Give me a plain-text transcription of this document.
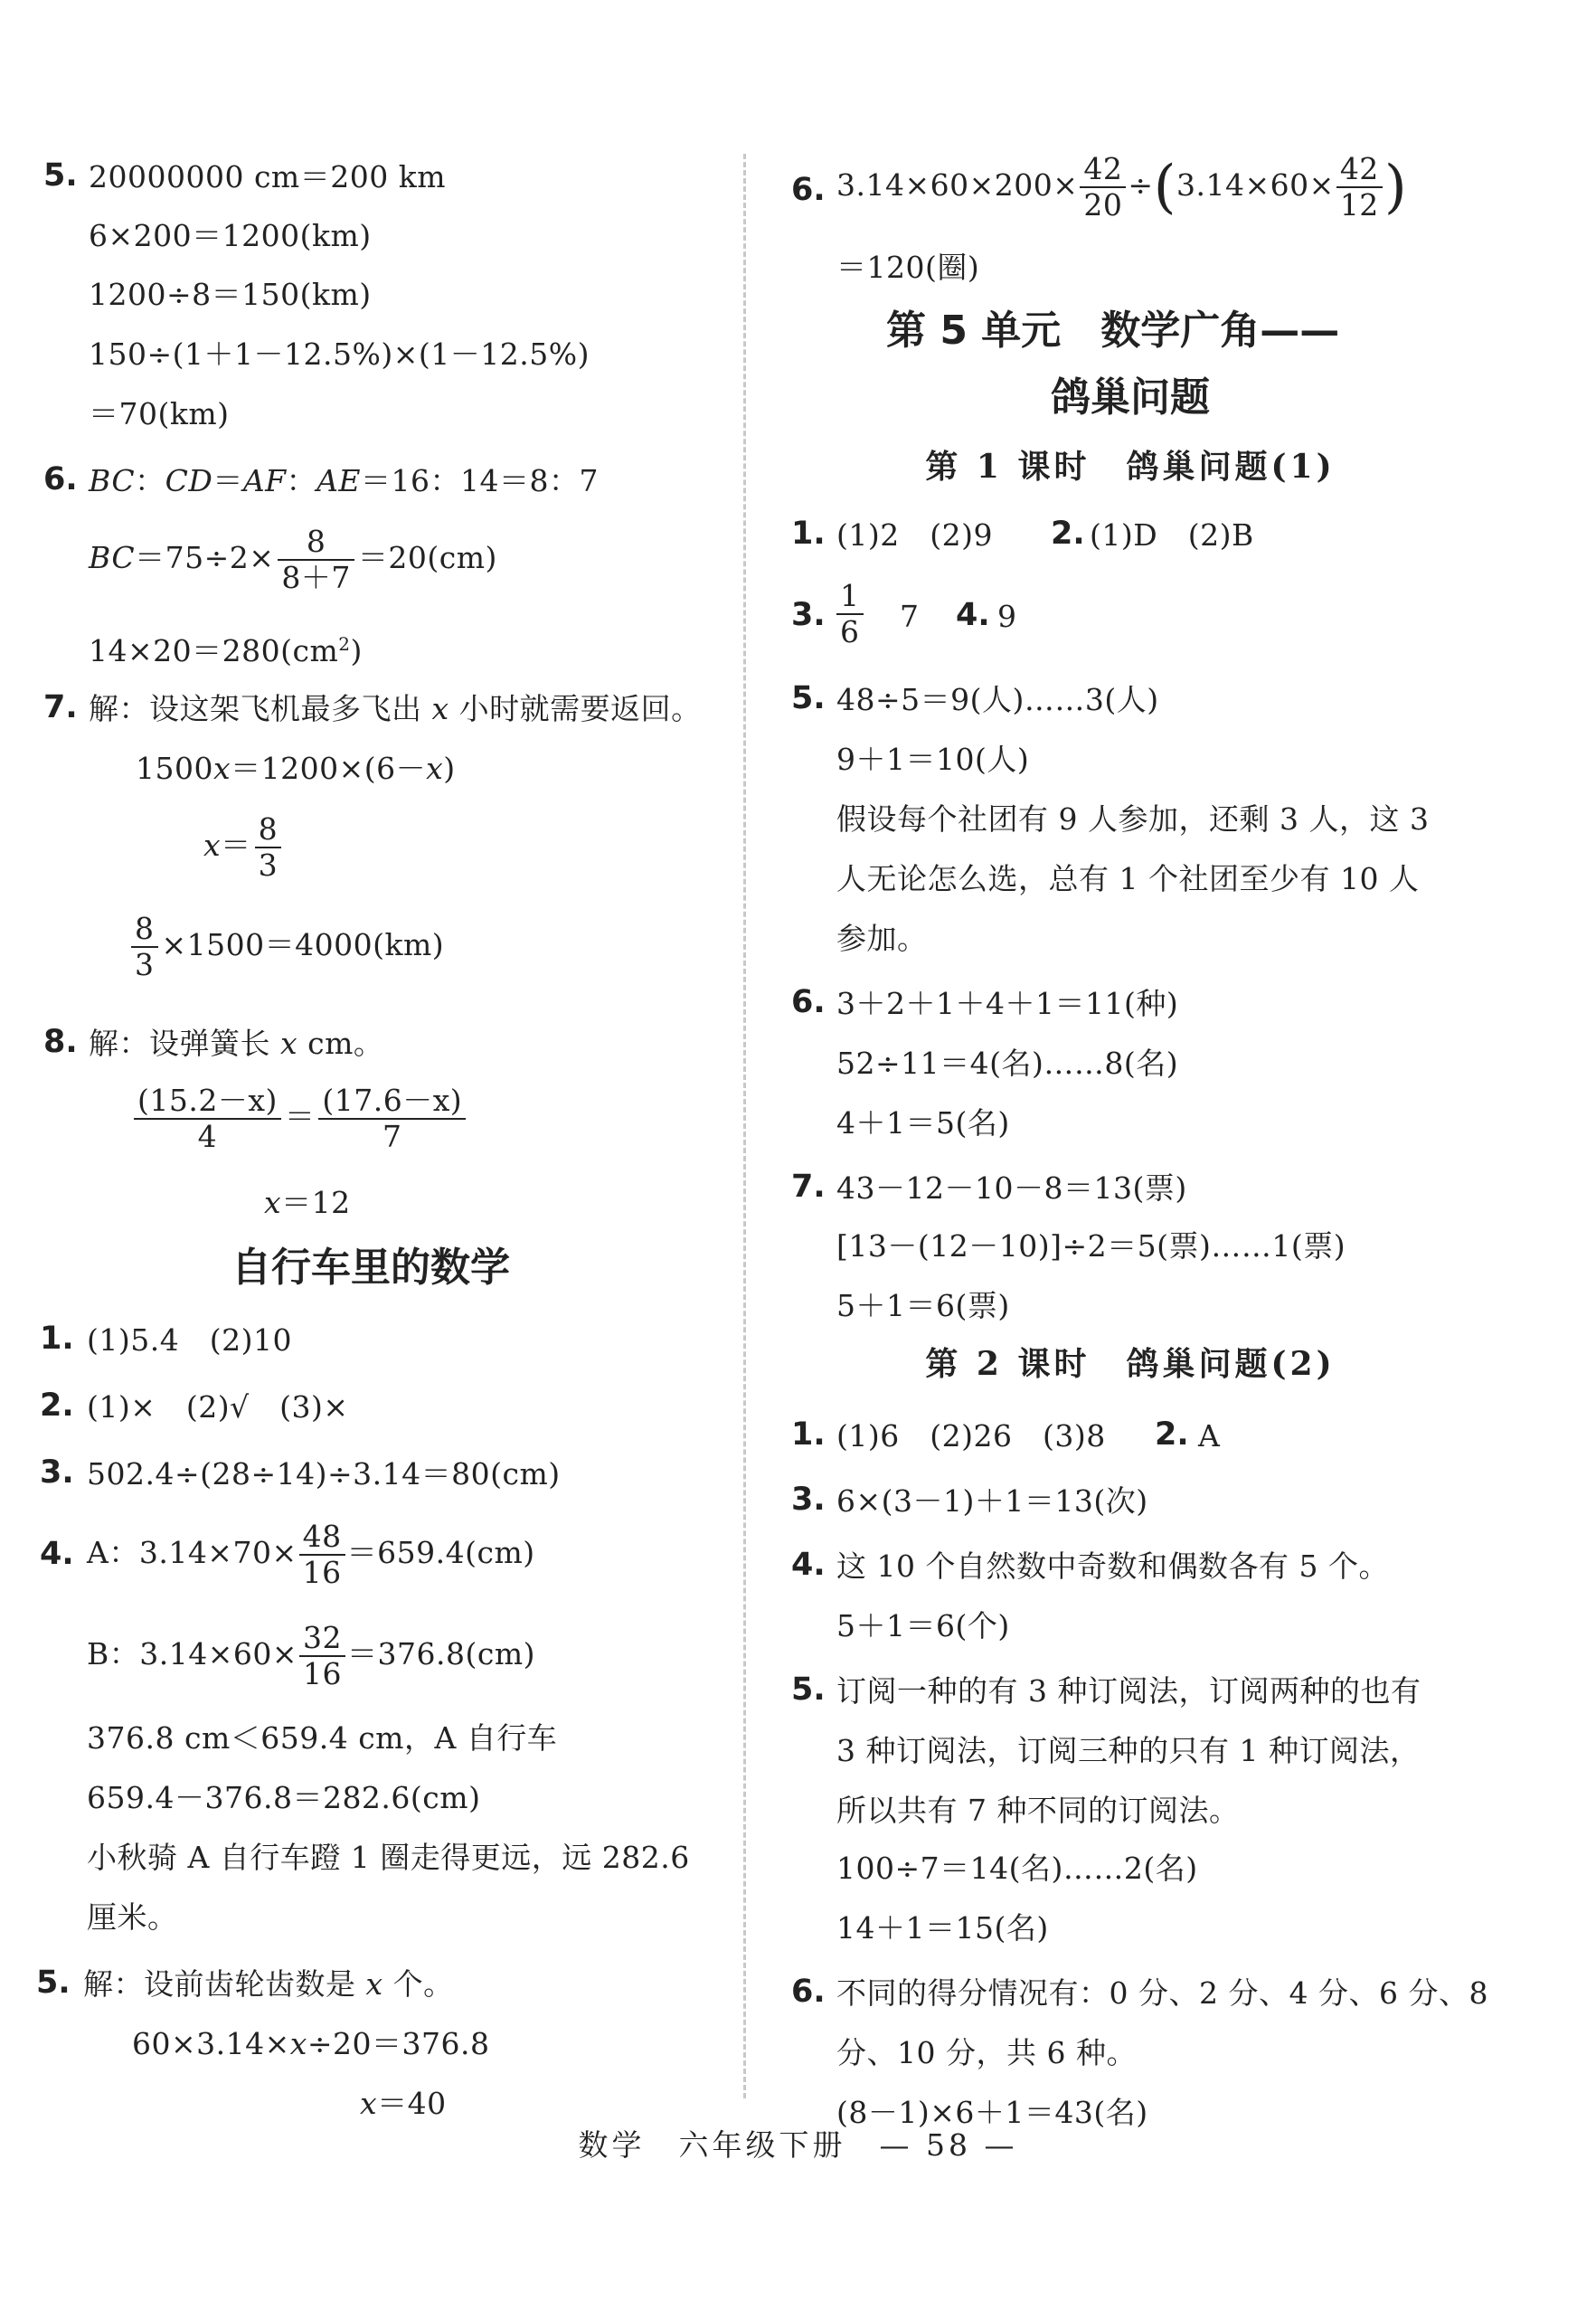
5. 20000000 cm＝200 km
6×200＝1200(km)
1200÷8＝150(km)
150÷(1＋1－12.5%)×(1－12.5%)
＝70(km)
6. BC：CD＝AF：AE＝16：14＝8：7
$BC=75\div 2\times \frac{8}{8+7} =20(cm)$
$14\times 20=280(cm^2)$
7. 解：设这架飞机最多飞出 x 小时就需要返回。
1500x＝1200×(6－x)
$x= \frac{8}{3}$
$\frac{8}{3} \times 1500=4000(km)$
8. 解：设弹簧长 x cm。
$\frac{(15.2-x)}{4} = \frac{(17.6-x)}{7}$
x＝12
自行车里的数学
1. (1)5.4　(2)10
2. (1)×　(2)√　(3)×
3. 502.4÷(28÷14)÷3.14＝80(cm)
4. A：$3.14\times 70\times \frac{48}{16} =659.4(cm)$
B：$3.14\times 60\times \frac{32}{16} =376.8(cm)$
376.8 cm＜659.4 cm，A 自行车
659.4－376.8＝282.6(cm)
小秋骑 A 自行车蹬 1 圈走得更远，远 282.6
厘米。
5. 解：设前齿轮齿数是 x 个。
60×3.14×x÷20＝376.8
x＝40
6. $3.14\times 60\times 200\times \frac{42}{20} \div(3.14\times 60\times \frac{42}{12}$ )
＝120(圈)
第 5 单元　数学广角——
鸽巢问题
第 1 课时　鸽巢问题(1)
1. (1)2　(2)9 2. (1)D　(2)B
3. $\frac{1}{6} 7$ 4. 9
5. 48÷5＝9(人)……3(人)
9＋1＝10(人)
假设每个社团有 9 人参加，还剩 3 人，这 3
人无论怎么选，总有 1 个社团至少有 10 人
参加。
6. 3＋2＋1＋4＋1＝11(种)
52÷11＝4(名)……8(名)
4＋1＝5(名)
7. 43－12－10－8＝13(票)
[13－(12－10)]÷2＝5(票)……1(票)
5＋1＝6(票)
第 2 课时　鸽巢问题(2)
1. (1)6　(2)26　(3)8 2. A
3. 6×(3－1)＋1＝13(次)
4. 这 10 个自然数中奇数和偶数各有 5 个。
5＋1＝6(个)
5. 订阅一种的有 3 种订阅法，订阅两种的也有
3 种订阅法，订阅三种的只有 1 种订阅法，
所以共有 7 种不同的订阅法。
100÷7＝14(名)……2(名)
14＋1＝15(名)
6. 不同的得分情况有：0 分、2 分、4 分、6 分、8
分、10 分，共 6 种。
(8－1)×6＋1＝43(名)
数学　六年级下册　— 58 —
